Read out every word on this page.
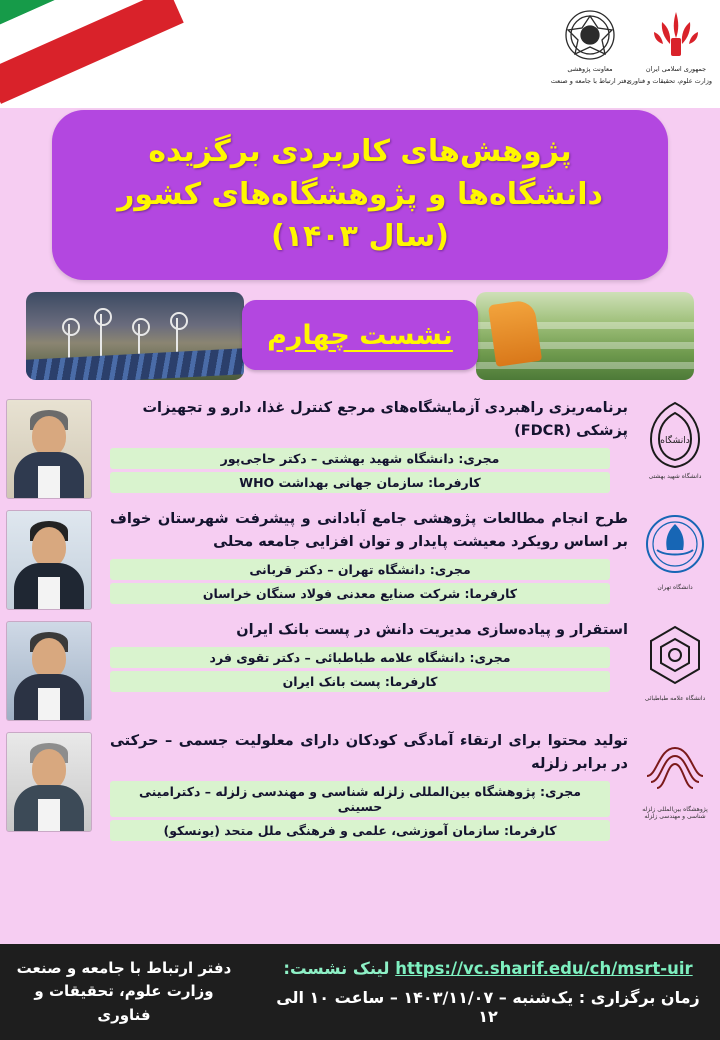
معاونت پژوهشی
دفتر ارتباط با جامعه و صنعت
جمهوری اسلامی ایران
وزارت علوم، تحقیقات و فناوری
پژوهش‌های کاربردی برگزیده
دانشگاه‌ها و پژوهشگاه‌های کشور
(سال ۱۴۰۳)
نشست چهارم
برنامه‌ریزی راهبردی آزمایشگاه‌های مرجع کنترل غذا، دارو و تجهیزات پزشکی (FDCR)
مجری: دانشگاه شهید بهشتی – دکتر حاجی‌پور
کارفرما: سازمان جهانی بهداشت WHO
دانشگاه
دانشگاه شهید بهشتی
طرح انجام مطالعات پژوهشی جامع آبادانی و پیشرفت شهرستان خواف بر اساس رویکرد معیشت پایدار و توان افزایی جامعه محلی
مجری: دانشگاه تهران – دکتر قربانی
کارفرما: شرکت صنایع معدنی فولاد سنگان خراسان	دانشگاه تهران
استقرار و پیاده‌سازی مدیریت دانش در پست بانک ایران
مجری: دانشگاه علامه طباطبائی – دکتر تقوی فرد
کارفرما: پست بانک ایران
دانشگاه علامه طباطبائی
تولید محتوا برای ارتقاء آمادگی کودکان دارای معلولیت جسمی – حرکتی در برابر زلزله
مجری: پژوهشگاه بین‌المللی زلزله شناسی و مهندسی زلزله – دکترامینی حسینی
کارفرما: سازمان آموزشی، علمی و فرهنگی ملل متحد (یونسکو)
پژوهشگاه بین‌المللی زلزله شناسی و مهندسی زلزله
دفتر ارتباط با جامعه و صنعت
وزارت علوم، تحقیقات و فناوری
https://vc.sharif.edu/ch/msrt-uir لینک نشست:
زمان برگزاری : یک‌شنبه – ۱۴۰۳/۱۱/۰۷ – ساعت ۱۰ الی ۱۲
